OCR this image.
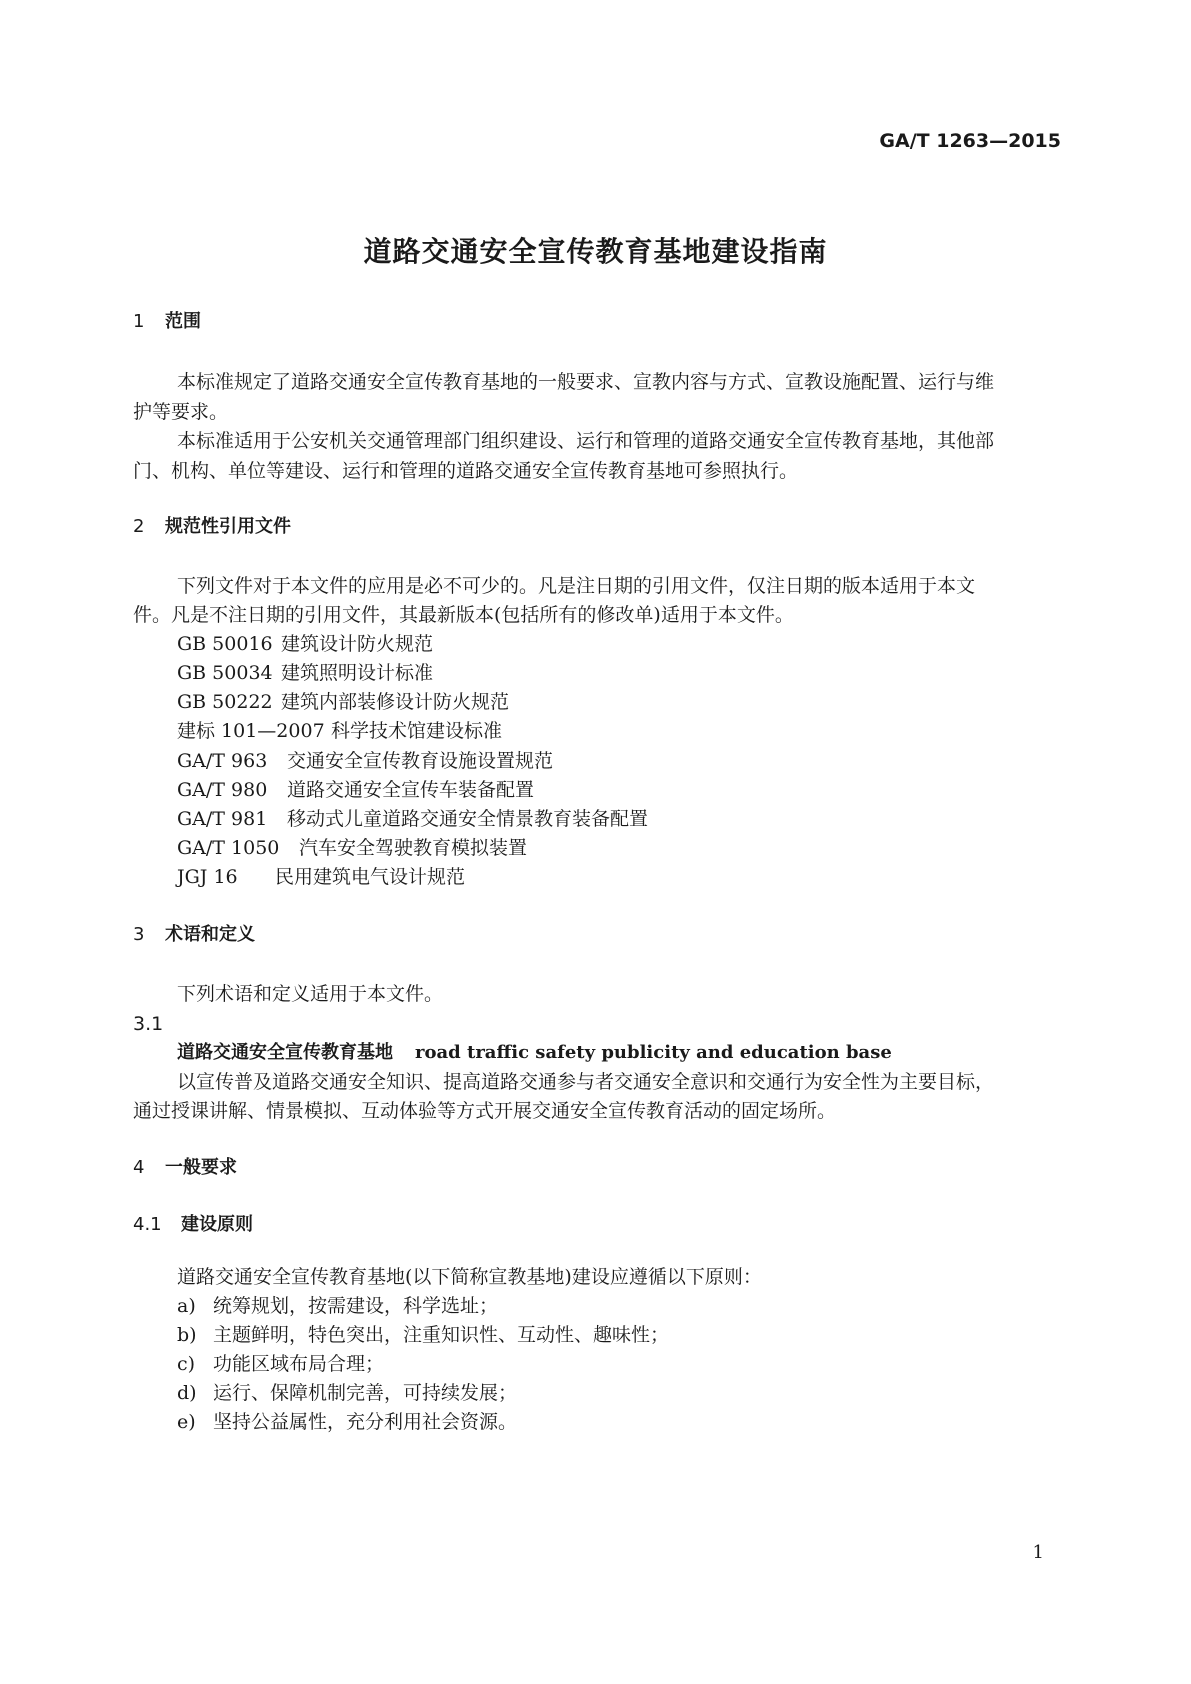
GA/T 1263—2015
道路交通安全宣传教育基地建设指南
1 范围
本标准规定了道路交通安全宣传教育基地的一般要求、宣教内容与方式、宣教设施配置、运行与维
护等要求。
本标准适用于公安机关交通管理部门组织建设、运行和管理的道路交通安全宣传教育基地，其他部
门、机构、单位等建设、运行和管理的道路交通安全宣传教育基地可参照执行。
2 规范性引用文件
下列文件对于本文件的应用是必不可少的。凡是注日期的引用文件，仅注日期的版本适用于本文
件。凡是不注日期的引用文件，其最新版本(包括所有的修改单)适用于本文件。
GB 50016 建筑设计防火规范
GB 50034 建筑照明设计标准
GB 50222 建筑内部装修设计防火规范
建标 101—2007 科学技术馆建设标准
GA/T 963 交通安全宣传教育设施设置规范
GA/T 980 道路交通安全宣传车装备配置
GA/T 981 移动式儿童道路交通安全情景教育装备配置
GA/T 1050 汽车安全驾驶教育模拟装置
JGJ 16 民用建筑电气设计规范
3 术语和定义
下列术语和定义适用于本文件。
3.1
道路交通安全宣传教育基地 road traffic safety publicity and education base
以宣传普及道路交通安全知识、提高道路交通参与者交通安全意识和交通行为安全性为主要目标，
通过授课讲解、情景模拟、互动体验等方式开展交通安全宣传教育活动的固定场所。
4 一般要求
4.1 建设原则
道路交通安全宣传教育基地(以下简称宣教基地)建设应遵循以下原则：
a) 统筹规划，按需建设，科学选址；
b) 主题鲜明，特色突出，注重知识性、互动性、趣味性；
c) 功能区域布局合理；
d) 运行、保障机制完善，可持续发展；
e) 坚持公益属性，充分利用社会资源。
1
